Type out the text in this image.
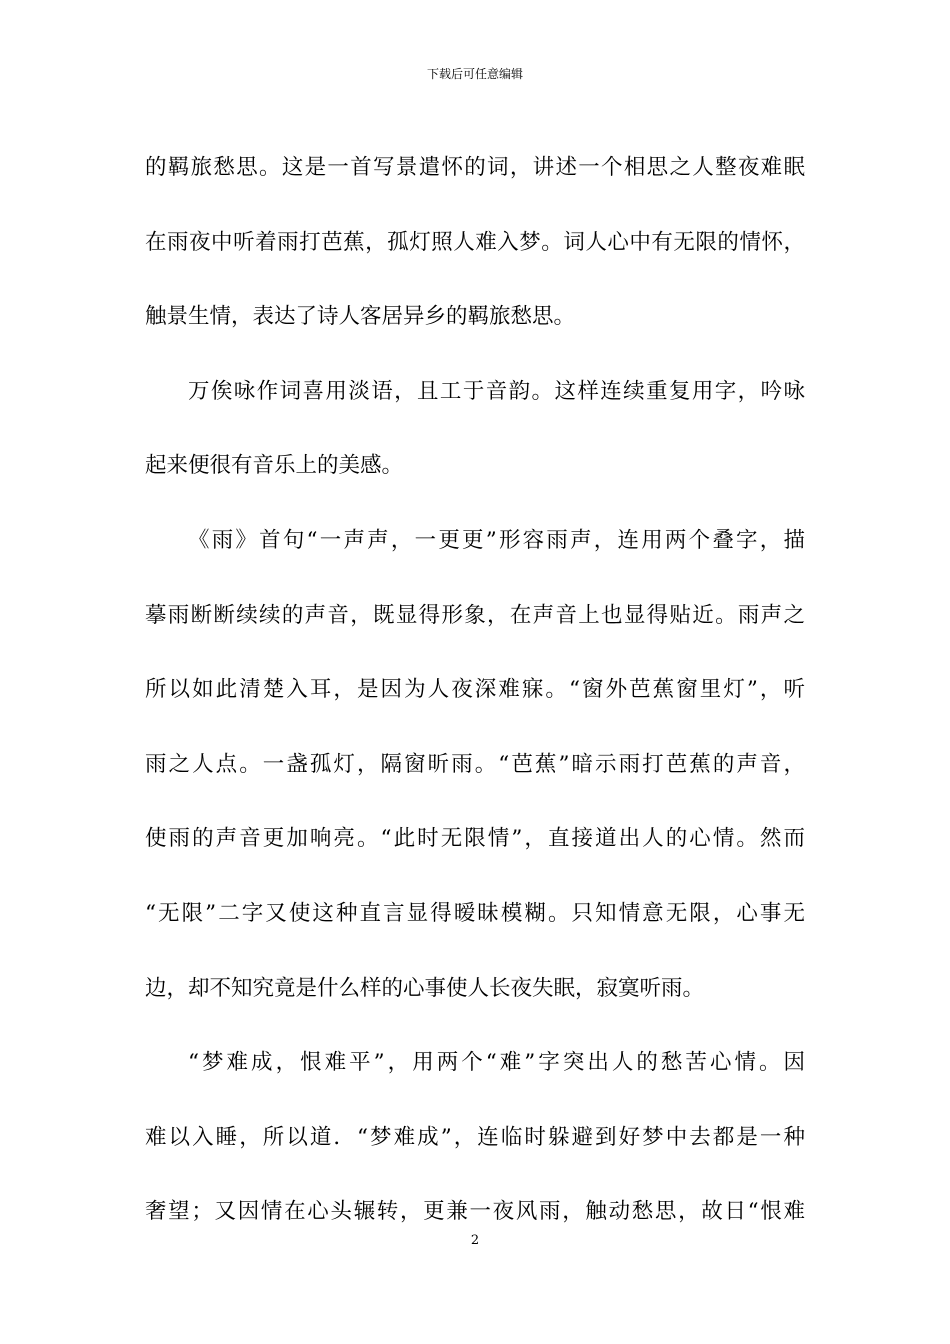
下载后可任意编辑
的羁旅愁思。这是一首写景遣怀的词，讲述一个相思之人整夜难眠
在雨夜中听着雨打芭蕉，孤灯照人难入梦。词人心中有无限的情怀，
触景生情，表达了诗人客居异乡的羁旅愁思。
万俟咏作词喜用淡语，且工于音韵。这样连续重复用字，吟咏
起来便很有音乐上的美感。
《雨》首句“一声声，一更更”形容雨声，连用两个叠字，描
摹雨断断续续的声音，既显得形象，在声音上也显得贴近。雨声之
所以如此清楚入耳，是因为人夜深难寐。“窗外芭蕉窗里灯”，听
雨之人点。一盏孤灯，隔窗昕雨。“芭蕉”暗示雨打芭蕉的声音，
使雨的声音更加响亮。“此时无限情”，直接道出人的心情。然而
“无限”二字又使这种直言显得暧昧模糊。只知情意无限，心事无
边，却不知究竟是什么样的心事使人长夜失眠，寂寞听雨。
“梦难成，恨难平”，用两个“难”字突出人的愁苦心情。因
难以入睡，所以道．“梦难成”，连临时躲避到好梦中去都是一种
奢望；又因情在心头辗转，更兼一夜风雨，触动愁思，故日“恨难
2
